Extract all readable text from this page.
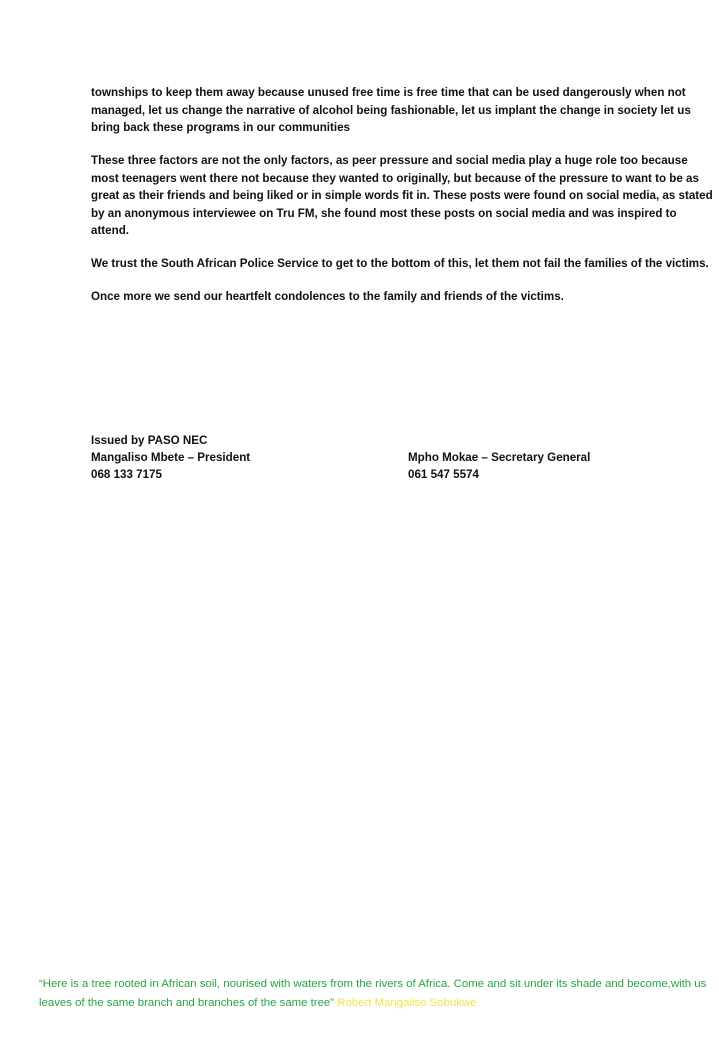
townships to keep them away because unused free time is free time that can be used dangerously when not managed, let us change the narrative of alcohol being fashionable, let us implant the change in society let us bring back these programs in our communities

These three factors are not the only factors, as peer pressure and social media play a huge role too because most teenagers went there not because they wanted to originally, but because of the pressure to want to be as great as their friends and being liked or in simple words fit in. These posts were found on social media, as stated by an anonymous interviewee on Tru FM, she found most these posts on social media and was inspired to attend.

We trust the South African Police Service to get to the bottom of this, let them not fail the families of the victims.

Once more we send our heartfelt condolences to the family and friends of the victims.

Issued by PASO NEC
Mangaliso Mbete – President	Mpho Mokae – Secretary General
068 133 7175	061 547 5574
“Here is a tree rooted in African soil, nourised with waters from the rivers of Africa. Come and sit under its shade and become,with us leaves of the same branch and branches of the same tree” Robert Mangaliso Sobukwe
